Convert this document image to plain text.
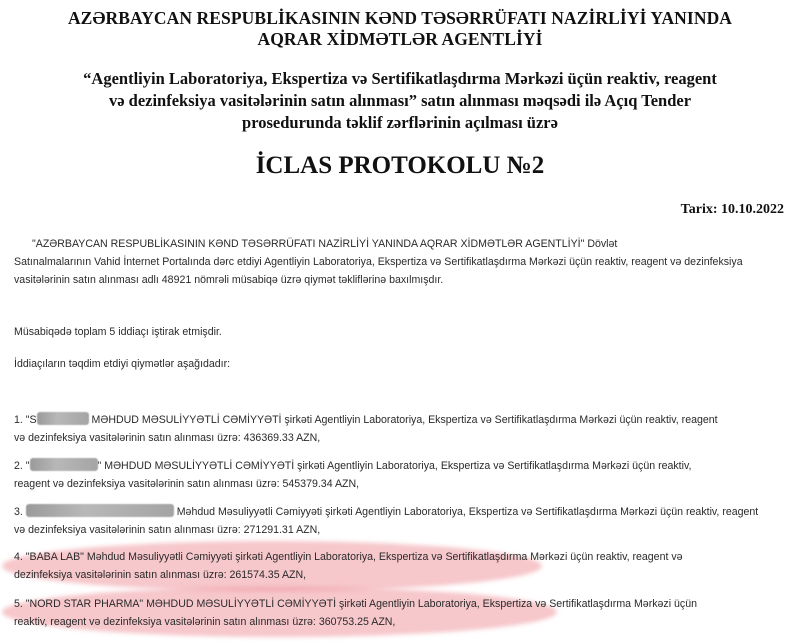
AZƏRBAYCAN RESPUBLİKASININ KƏND TƏSƏRRÜFATI NAZİRLİYİ YANINDA
AQRAR XİDMƏTLƏR AGENTLİYİ
“Agentliyin Laboratoriya, Ekspertiza və Sertifikatlaşdırma Mərkəzi üçün reaktiv, reagent
və dezinfeksiya vasitələrinin satın alınması” satın alınması məqsədi ilə Açıq Tender
prosedurunda təklif zərflərinin açılması üzrə
İCLAS PROTOKOLU №2
Tarix: 10.10.2022
"AZƏRBAYCAN RESPUBLİKASININ KƏND TƏSƏRRÜFATI NAZİRLİYİ YANINDA AQRAR XİDMƏTLƏR AGENTLİYİ" Dövlət
Satınalmalarının Vahid İnternet Portalında dərc etdiyi Agentliyin Laboratoriya, Ekspertiza və Sertifikatlaşdırma Mərkəzi üçün reaktiv, reagent və dezinfeksiya
vasitələrinin satın alınması adlı 48921 nömrəli müsabiqə üzrə qiymət təkliflərinə baxılmışdır.
Müsabiqədə toplam 5 iddiaçı iştirak etmişdir.
İddiaçıların təqdim etdiyi qiymətlər aşağıdadır:
1. "S	MƏHDUD MƏSULİYYƏTLİ CƏMİYYƏTİ şirkəti Agentliyin Laboratoriya, Ekspertiza və Sertifikatlaşdırma Mərkəzi üçün reaktiv, reagent
və dezinfeksiya vasitələrinin satın alınması üzrə: 436369.33 AZN,
2. "	" MƏHDUD MƏSULİYYƏTLİ CƏMİYYƏTİ şirkəti Agentliyin Laboratoriya, Ekspertiza və Sertifikatlaşdırma Mərkəzi üçün reaktiv,
reagent və dezinfeksiya vasitələrinin satın alınması üzrə: 545379.34 AZN,
3.	Məhdud Məsuliyyətli Cəmiyyəti şirkəti Agentliyin Laboratoriya, Ekspertiza və Sertifikatlaşdırma Mərkəzi üçün reaktiv, reagent
və dezinfeksiya vasitələrinin satın alınması üzrə: 271291.31 AZN,
4. "BABA LAB" Məhdud Məsuliyyətli Cəmiyyəti şirkəti Agentliyin Laboratoriya, Ekspertiza və Sertifikatlaşdırma Mərkəzi üçün reaktiv, reagent və
dezinfeksiya vasitələrinin satın alınması üzrə: 261574.35 AZN,
5. "NORD STAR PHARMA" MƏHDUD MƏSULİYYƏTLİ CƏMİYYƏTİ şirkəti Agentliyin Laboratoriya, Ekspertiza və Sertifikatlaşdırma Mərkəzi üçün
reaktiv, reagent və dezinfeksiya vasitələrinin satın alınması üzrə: 360753.25 AZN,
